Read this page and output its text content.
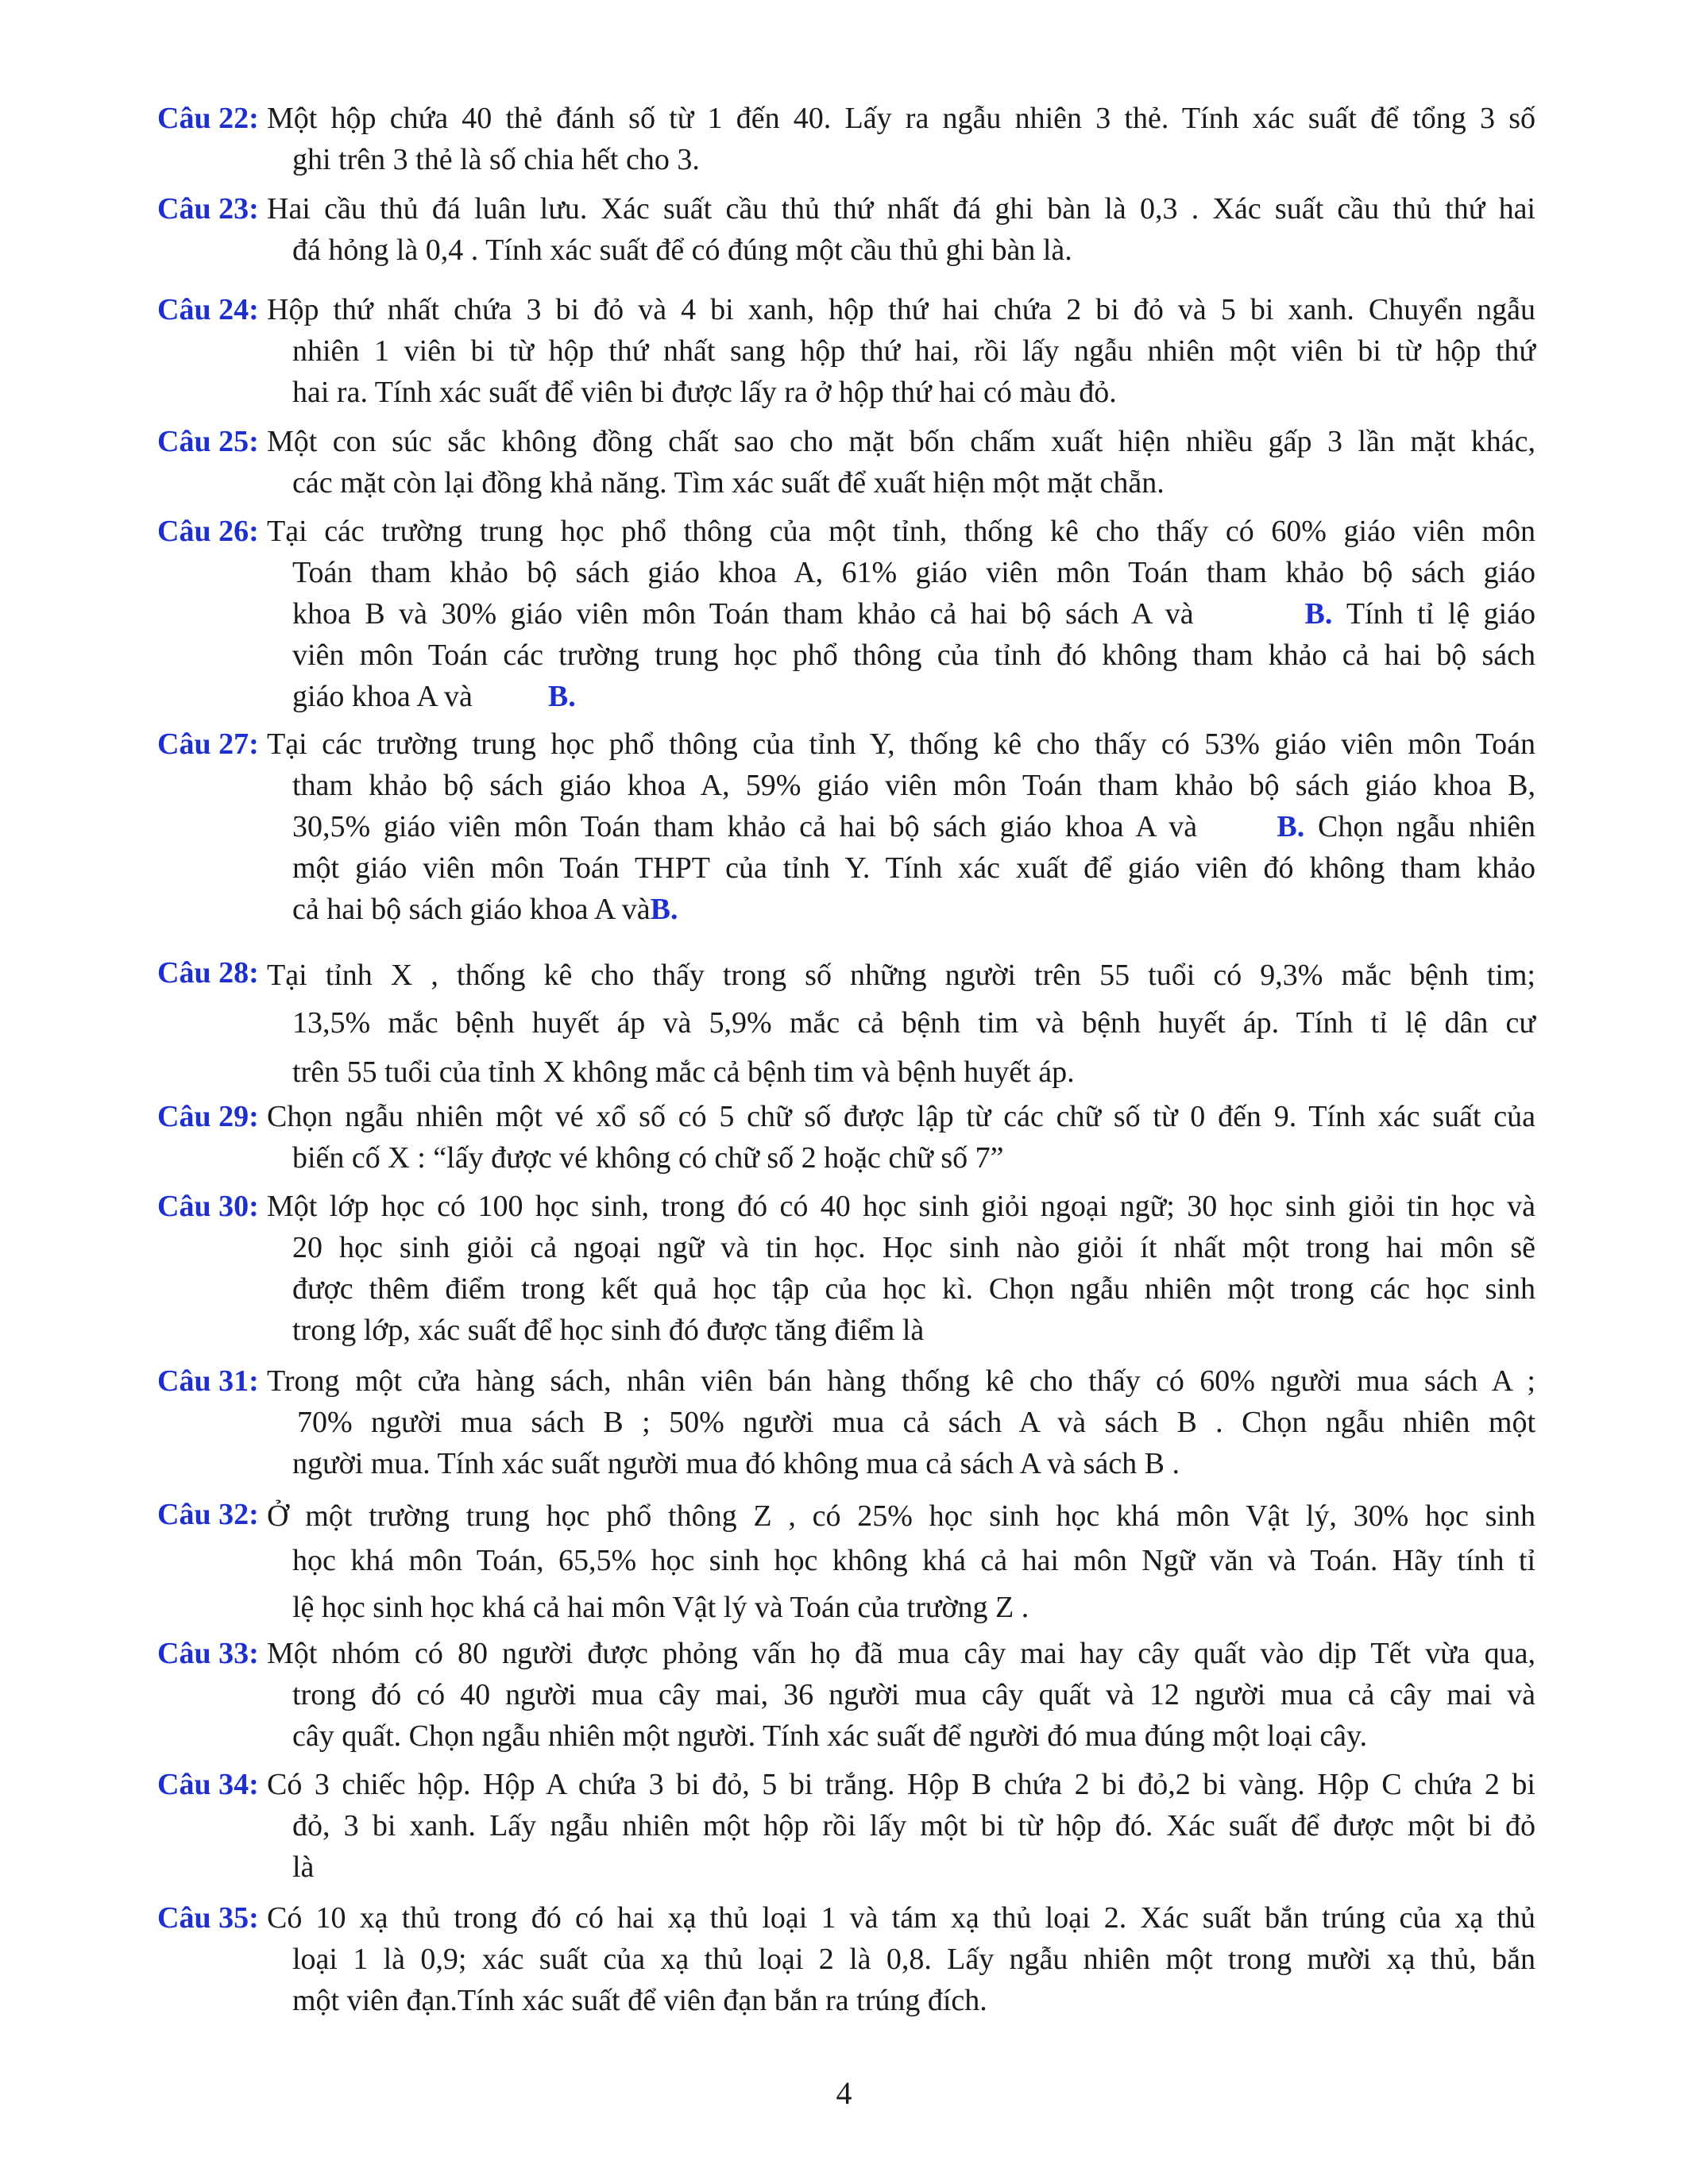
Câu 22: Một hộp chứa 40 thẻ đánh số từ 1 đến 40. Lấy ra ngẫu nhiên 3 thẻ. Tính xác suất để tổng 3 số
ghi trên 3 thẻ là số chia hết cho 3.
Câu 23: Hai cầu thủ đá luân lưu. Xác suất cầu thủ thứ nhất đá ghi bàn là 0,3 . Xác suất cầu thủ thứ hai
đá hỏng là 0,4 . Tính xác suất để có đúng một cầu thủ ghi bàn là.
Câu 24: Hộp thứ nhất chứa 3 bi đỏ và 4 bi xanh, hộp thứ hai chứa 2 bi đỏ và 5 bi xanh. Chuyển ngẫu
nhiên 1 viên bi từ hộp thứ nhất sang hộp thứ hai, rồi lấy ngẫu nhiên một viên bi từ hộp thứ
hai ra. Tính xác suất để viên bi được lấy ra ở hộp thứ hai có màu đỏ.
Câu 25: Một con súc sắc không đồng chất sao cho mặt bốn chấm xuất hiện nhiều gấp 3 lần mặt khác,
các mặt còn lại đồng khả năng. Tìm xác suất để xuất hiện một mặt chẵn.
Câu 26: Tại các trường trung học phổ thông của một tỉnh, thống kê cho thấy có 60% giáo viên môn
Toán tham khảo bộ sách giáo khoa A, 61% giáo viên môn Toán tham khảo bộ sách giáo
khoa B và 30% giáo viên môn Toán tham khảo cả hai bộ sách A và	B. Tính tỉ lệ giáo
viên môn Toán các trường trung học phổ thông của tỉnh đó không tham khảo cả hai bộ sách
giáo khoa A và	B.
Câu 27: Tại các trường trung học phổ thông của tỉnh Y, thống kê cho thấy có 53% giáo viên môn Toán
tham khảo bộ sách giáo khoa A, 59% giáo viên môn Toán tham khảo bộ sách giáo khoa B,
30,5% giáo viên môn Toán tham khảo cả hai bộ sách giáo khoa A và	B. Chọn ngẫu nhiên
một giáo viên môn Toán THPT của tỉnh Y. Tính xác xuất để giáo viên đó không tham khảo
cả hai bộ sách giáo khoa A vàB.
Câu 28: Tại tỉnh X , thống kê cho thấy trong số những người trên 55 tuổi có 9,3% mắc bệnh tim;
13,5% mắc bệnh huyết áp và 5,9% mắc cả bệnh tim và bệnh huyết áp. Tính tỉ lệ dân cư
trên 55 tuổi của tỉnh X không mắc cả bệnh tim và bệnh huyết áp.
Câu 29: Chọn ngẫu nhiên một vé xổ số có 5 chữ số được lập từ các chữ số từ 0 đến 9. Tính xác suất của
biến cố X : “lấy được vé không có chữ số 2 hoặc chữ số 7”
Câu 30: Một lớp học có 100 học sinh, trong đó có 40 học sinh giỏi ngoại ngữ; 30 học sinh giỏi tin học và
20 học sinh giỏi cả ngoại ngữ và tin học. Học sinh nào giỏi ít nhất một trong hai môn sẽ
được thêm điểm trong kết quả học tập của học kì. Chọn ngẫu nhiên một trong các học sinh
trong lớp, xác suất để học sinh đó được tăng điểm là
Câu 31: Trong một cửa hàng sách, nhân viên bán hàng thống kê cho thấy có 60% người mua sách A ;
70% người mua sách B ; 50% người mua cả sách A và sách B . Chọn ngẫu nhiên một
người mua. Tính xác suất người mua đó không mua cả sách A và sách B .
Câu 32: Ở một trường trung học phổ thông Z , có 25% học sinh học khá môn Vật lý, 30% học sinh
học khá môn Toán, 65,5% học sinh học không khá cả hai môn Ngữ văn và Toán. Hãy tính tỉ
lệ học sinh học khá cả hai môn Vật lý và Toán của trường Z .
Câu 33: Một nhóm có 80 người được phỏng vấn họ đã mua cây mai hay cây quất vào dịp Tết vừa qua,
trong đó có 40 người mua cây mai, 36 người mua cây quất và 12 người mua cả cây mai và
cây quất. Chọn ngẫu nhiên một người. Tính xác suất để người đó mua đúng một loại cây.
Câu 34: Có 3 chiếc hộp. Hộp A chứa 3 bi đỏ, 5 bi trắng. Hộp B chứa 2 bi đỏ,2 bi vàng. Hộp C chứa 2 bi
đỏ, 3 bi xanh. Lấy ngẫu nhiên một hộp rồi lấy một bi từ hộp đó. Xác suất để được một bi đỏ
là
Câu 35: Có 10 xạ thủ trong đó có hai xạ thủ loại 1 và tám xạ thủ loại 2. Xác suất bắn trúng của xạ thủ
loại 1 là 0,9; xác suất của xạ thủ loại 2 là 0,8. Lấy ngẫu nhiên một trong mười xạ thủ, bắn
một viên đạn.Tính xác suất để viên đạn bắn ra trúng đích.
4
